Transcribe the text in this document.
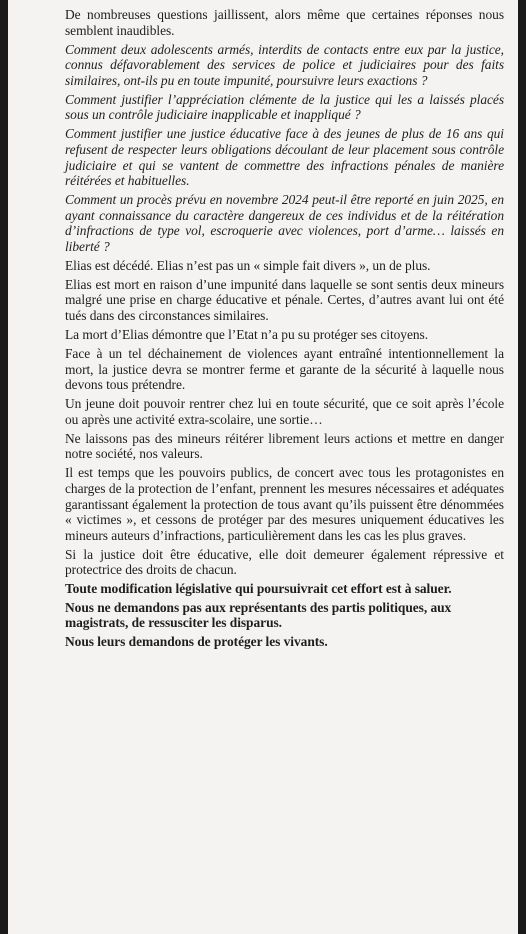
De nombreuses questions jaillissent, alors même que certaines réponses nous semblent inaudibles.

Comment deux adolescents armés, interdits de contacts entre eux par la justice, connus défavorablement des services de police et judiciaires pour des faits similaires, ont-ils pu en toute impunité, poursuivre leurs exactions ?

Comment justifier l’appréciation clémente de la justice qui les a laissés placés sous un contrôle judiciaire inapplicable et inappliqué ?

Comment justifier une justice éducative face à des jeunes de plus de 16 ans qui refusent de respecter leurs obligations découlant de leur placement sous contrôle judiciaire et qui se vantent de commettre des infractions pénales de manière réitérées et habituelles.

Comment un procès prévu en novembre 2024 peut-il être reporté en juin 2025, en ayant connaissance du caractère dangereux de ces individus et de la réitération d’infractions de type vol, escroquerie avec violences, port d’arme… laissés en liberté ?

Elias est décédé. Elias n’est pas un « simple fait divers », un de plus.

Elias est mort en raison d’une impunité dans laquelle se sont sentis deux mineurs malgré une prise en charge éducative et pénale. Certes, d’autres avant lui ont été tués dans des circonstances similaires.

La mort d’Elias démontre que l’Etat n’a pu su protéger ses citoyens.

Face à un tel déchainement de violences ayant entraîné intentionnellement la mort, la justice devra se montrer ferme et garante de la sécurité à laquelle nous devons tous prétendre.

Un jeune doit pouvoir rentrer chez lui en toute sécurité, que ce soit après l’école ou après une activité extra-scolaire, une sortie…

Ne laissons pas des mineurs réitérer librement leurs actions et mettre en danger notre société, nos valeurs.

Il est temps que les pouvoirs publics, de concert avec tous les protagonistes en charges de la protection de l’enfant, prennent les mesures nécessaires et adéquates garantissant également la protection de tous avant qu’ils puissent être dénommées « victimes », et cessons de protéger par des mesures uniquement éducatives les mineurs auteurs d’infractions, particulièrement dans les cas les plus graves.

Si la justice doit être éducative, elle doit demeurer également répressive et protectrice des droits de chacun.

Toute modification législative qui poursuivrait cet effort est à saluer.

Nous ne demandons pas aux représentants des partis politiques, aux magistrats, de ressusciter les disparus.

Nous leurs demandons de protéger les vivants.
